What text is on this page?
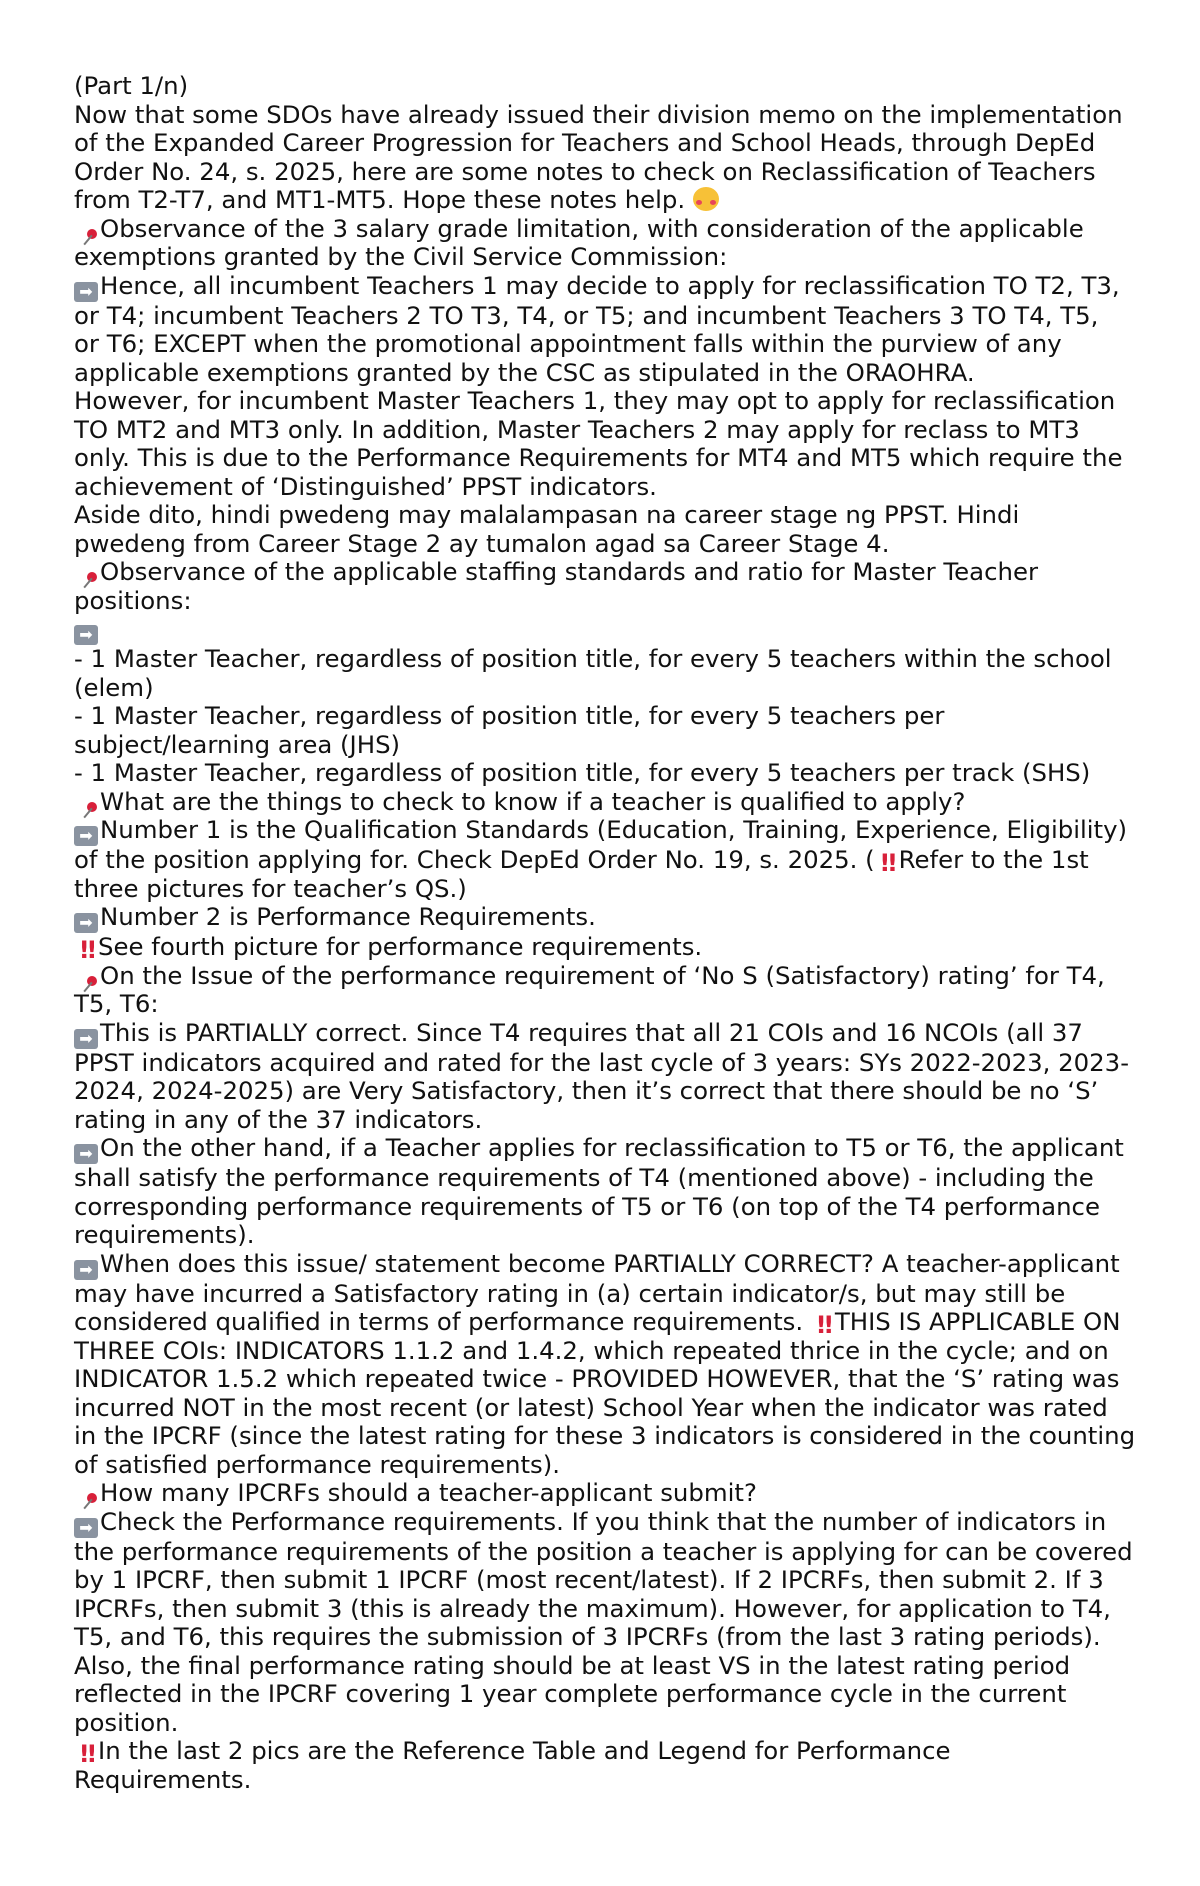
(Part 1/n)
Now that some SDOs have already issued their division memo on the implementation
of the Expanded Career Progression for Teachers and School Heads, through DepEd
Order No. 24, s. 2025, here are some notes to check on Reclassification of Teachers
from T2-T7, and MT1-MT5. Hope these notes help.
Observance of the 3 salary grade limitation, with consideration of the applicable
exemptions granted by the Civil Service Commission:
➡ Hence, all incumbent Teachers 1 may decide to apply for reclassification TO T2, T3,
or T4; incumbent Teachers 2 TO T3, T4, or T5; and incumbent Teachers 3 TO T4, T5,
or T6; EXCEPT when the promotional appointment falls within the purview of any
applicable exemptions granted by the CSC as stipulated in the ORAOHRA.
However, for incumbent Master Teachers 1, they may opt to apply for reclassification
TO MT2 and MT3 only. In addition, Master Teachers 2 may apply for reclass to MT3
only. This is due to the Performance Requirements for MT4 and MT5 which require the
achievement of ‘Distinguished’ PPST indicators.
Aside dito, hindi pwedeng may malalampasan na career stage ng PPST. Hindi
pwedeng from Career Stage 2 ay tumalon agad sa Career Stage 4.
Observance of the applicable staffing standards and ratio for Master Teacher
positions:
➡
- 1 Master Teacher, regardless of position title, for every 5 teachers within the school
(elem)
- 1 Master Teacher, regardless of position title, for every 5 teachers per
subject/learning area (JHS)
- 1 Master Teacher, regardless of position title, for every 5 teachers per track (SHS)
What are the things to check to know if a teacher is qualified to apply?
➡ Number 1 is the Qualification Standards (Education, Training, Experience, Eligibility)
of the position applying for. Check DepEd Order No. 19, s. 2025. ( ‼ Refer to the 1st
three pictures for teacher’s QS.)
➡ Number 2 is Performance Requirements.
‼ See fourth picture for performance requirements.
On the Issue of the performance requirement of ‘No S (Satisfactory) rating’ for T4,
T5, T6:
➡ This is PARTIALLY correct. Since T4 requires that all 21 COIs and 16 NCOIs (all 37
PPST indicators acquired and rated for the last cycle of 3 years: SYs 2022-2023, 2023-
2024, 2024-2025) are Very Satisfactory, then it’s correct that there should be no ‘S’
rating in any of the 37 indicators.
➡ On the other hand, if a Teacher applies for reclassification to T5 or T6, the applicant
shall satisfy the performance requirements of T4 (mentioned above) - including the
corresponding performance requirements of T5 or T6 (on top of the T4 performance
requirements).
➡ When does this issue/ statement become PARTIALLY CORRECT? A teacher-applicant
may have incurred a Satisfactory rating in (a) certain indicator/s, but may still be
considered qualified in terms of performance requirements. ‼ THIS IS APPLICABLE ON
THREE COIs: INDICATORS 1.1.2 and 1.4.2, which repeated thrice in the cycle; and on
INDICATOR 1.5.2 which repeated twice - PROVIDED HOWEVER, that the ‘S’ rating was
incurred NOT in the most recent (or latest) School Year when the indicator was rated
in the IPCRF (since the latest rating for these 3 indicators is considered in the counting
of satisfied performance requirements).
How many IPCRFs should a teacher-applicant submit?
➡ Check the Performance requirements. If you think that the number of indicators in
the performance requirements of the position a teacher is applying for can be covered
by 1 IPCRF, then submit 1 IPCRF (most recent/latest). If 2 IPCRFs, then submit 2. If 3
IPCRFs, then submit 3 (this is already the maximum). However, for application to T4,
T5, and T6, this requires the submission of 3 IPCRFs (from the last 3 rating periods).
Also, the final performance rating should be at least VS in the latest rating period
reflected in the IPCRF covering 1 year complete performance cycle in the current
position.
‼ In the last 2 pics are the Reference Table and Legend for Performance
Requirements.
